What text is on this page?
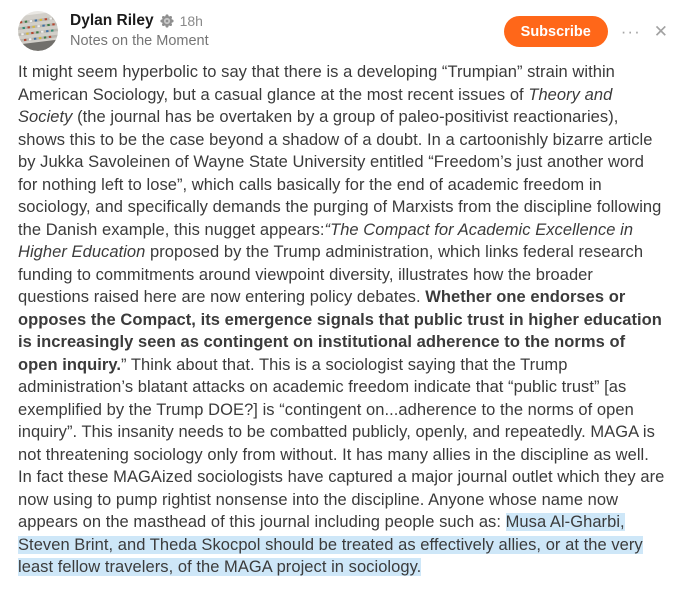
Dylan Riley 18h
Notes on the Moment
Subscribe	··· ✕

It might seem hyperbolic to say that there is a developing “Trumpian” strain within American Sociology, but a casual glance at the most recent issues of Theory and Society (the journal has be overtaken by a group of paleo-positivist reactionaries), shows this to be the case beyond a shadow of a doubt. In a cartoonishly bizarre article by Jukka Savoleinen of Wayne State University entitled “Freedom’s just another word for nothing left to lose”, which calls basically for the end of academic freedom in sociology, and specifically demands the purging of Marxists from the discipline following the Danish example, this nugget appears:“The Compact for Academic Excellence in Higher Education proposed by the Trump administration, which links federal research funding to commitments around viewpoint diversity, illustrates how the broader questions raised here are now entering policy debates. Whether one endorses or opposes the Compact, its emergence signals that public trust in higher education is increasingly seen as contingent on institutional adherence to the norms of open inquiry.” Think about that. This is a sociologist saying that the Trump administration’s blatant attacks on academic freedom indicate that “public trust” [as exemplified by the Trump DOE?] is “contingent on...adherence to the norms of open inquiry”. This insanity needs to be combatted publicly, openly, and repeatedly. MAGA is not threatening sociology only from without. It has many allies in the discipline as well. In fact these MAGAized sociologists have captured a major journal outlet which they are now using to pump rightist nonsense into the discipline. Anyone whose name now appears on the masthead of this journal including people such as: Musa Al-Gharbi, Steven Brint, and Theda Skocpol should be treated as effectively allies, or at the very least fellow travelers, of the MAGA project in sociology.
